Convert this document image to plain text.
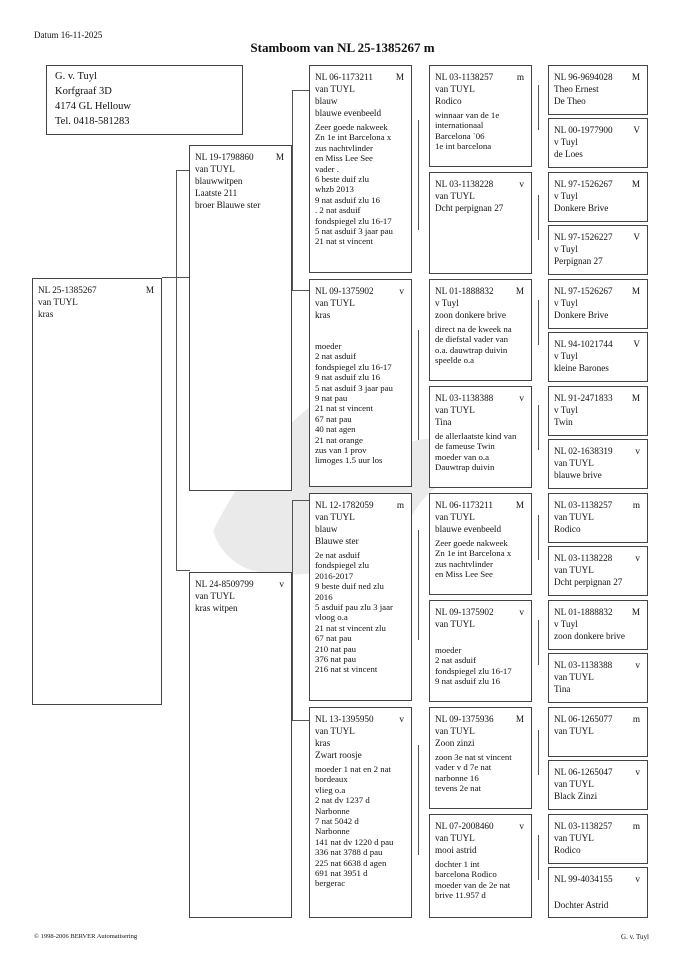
Datum 16-11-2025
Stamboom van NL 25-1385267 m
G. v. Tuyl
Korfgraaf 3D
4174 GL Hellouw
Tel. 0418-581283
NL 25-1385267	M
van TUYL
kras
NL 19-1798860 M
van TUYL
blauwwitpen
Laatste 211
broer Blauwe ster
NL 24-8509799	v
van TUYL
kras witpen
NL 06-1173211 M
van TUYL
blauw
blauwe evenbeeld
Zeer goede nakweek
Zn 1e int Barcelona x
zus nachtvlinder
en Miss Lee See
vader .
6 beste duif zlu
whzb 2013
9 nat asduif zlu 16
. 2 nat asduif
fondspiegel zlu 16-17
5 nat asduif 3 jaar pau
21 nat st vincent
NL 09-1375902	v
van TUYL
kras
moeder
2 nat asduif
fondspiegel zlu 16-17
9 nat asduif zlu 16
5 nat asduif 3 jaar pau
9 nat pau
21 nat st vincent
67 nat pau
40 nat agen
21 nat orange
zus van 1 prov
limoges 1.5 uur los
NL 12-1782059	m
van TUYL
blauw
Blauwe ster
2e nat asduif
fondspiegel zlu
2016-2017
9 beste duif ned zlu
2016
5 asduif pau zlu 3 jaar
vloog o.a
21 nat st vincent zlu
67 nat pau
210 nat pau
376 nat pau
216 nat st vincent
NL 13-1395950	v
van TUYL
kras
Zwart roosje
moeder 1 nat en 2 nat
bordeaux
vlieg o.a
2 nat dv 1237 d
Narbonne
7 nat 5042 d
Narbonne
141 nat dv 1220 d pau
336 nat 3788 d pau
225 nat 6638 d agen
691 nat 3951 d
bergerac
NL 03-1138257	m
van TUYL
Rodico
winnaar van de 1e
internationaal
Barcelona `06
1e int barcelona
NL 03-1138228	v
van TUYL
Dcht perpignan 27
NL 01-1888832 M
v Tuyl
zoon donkere brive
direct na de kweek na
de diefstal vader van
o.a. dauwtrap duivin
speelde o.a
NL 03-1138388	v
van TUYL
Tina
de allerlaatste kind van
de fameuse Twin
moeder van o.a
Dauwtrap duivin
NL 06-1173211 M
van TUYL
blauwe evenbeeld
Zeer goede nakweek
Zn 1e int Barcelona x
zus nachtvlinder
en Miss Lee See
NL 09-1375902	v
van TUYL
moeder
2 nat asduif
fondspiegel zlu 16-17
9 nat asduif zlu 16
NL 09-1375936 M
van TUYL
Zoon zinzi
zoon 3e nat st vincent
vader v d 7e nat
narbonne 16
tevens 2e nat
NL 07-2008460	v
van TUYL
mooi astrid
dochter 1 int
barcelona Rodico
moeder van de 2e nat
brive 11.957 d
NL 96-9694028 M
Theo Ernest
De Theo
NL 00-1977900 V
v Tuyl
de Loes
NL 97-1526267 M
v Tuyl
Donkere Brive
NL 97-1526227 V
v Tuyl
Perpignan 27
NL 97-1526267 M
v Tuyl
Donkere Brive
NL 94-1021744 V
v Tuyl
kleine Barones
NL 91-2471833 M
v Tuyl
Twin
NL 02-1638319 v
van TUYL
blauwe brive
NL 03-1138257 m
van TUYL
Rodico
NL 03-1138228	v
van TUYL
Dcht perpignan 27
NL 01-1888832 M
v Tuyl
zoon donkere brive
NL 03-1138388	v
van TUYL
Tina
NL 06-1265077 m
van TUYL
NL 06-1265047 v
van TUYL
Black Zinzi
NL 03-1138257 m
van TUYL
Rodico
NL 99-4034155 v
Dochter Astrid
© 1998-2006 BERVER Automatisering	G. v. Tuyl
